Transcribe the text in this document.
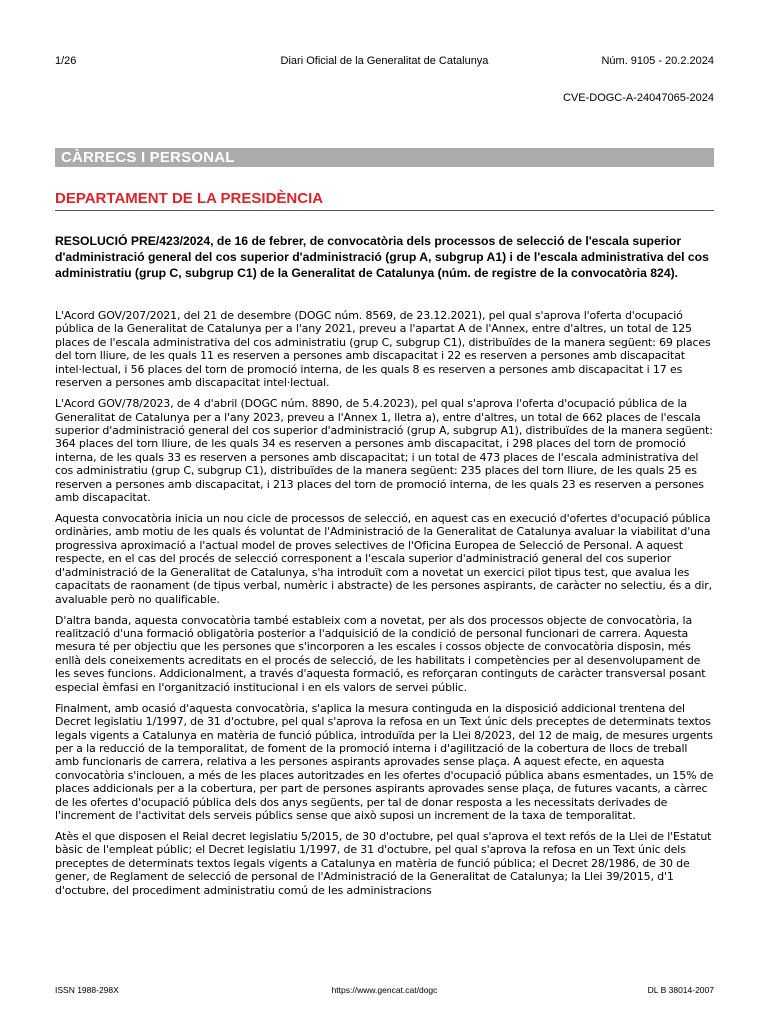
1/26	Diari Oficial de la Generalitat de Catalunya	Núm. 9105 - 20.2.2024
CVE-DOGC-A-24047065-2024
CÀRRECS I PERSONAL
DEPARTAMENT DE LA PRESIDÈNCIA

RESOLUCIÓ PRE/423/2024, de 16 de febrer, de convocatòria dels processos de selecció de l'escala superior d'administració general del cos superior d'administració (grup A, subgrup A1) i de l'escala administrativa del cos administratiu (grup C, subgrup C1) de la Generalitat de Catalunya (núm. de registre de la convocatòria 824).

L'Acord GOV/207/2021, del 21 de desembre (DOGC núm. 8569, de 23.12.2021), pel qual s'aprova l'oferta d'ocupació pública de la Generalitat de Catalunya per a l'any 2021, preveu a l'apartat A de l'Annex, entre d'altres, un total de 125 places de l'escala administrativa del cos administratiu (grup C, subgrup C1), distribuïdes de la manera següent: 69 places del torn lliure, de les quals 11 es reserven a persones amb discapacitat i 22 es reserven a persones amb discapacitat intel·lectual, i 56 places del torn de promoció interna, de les quals 8 es reserven a persones amb discapacitat i 17 es reserven a persones amb discapacitat intel·lectual.

L'Acord GOV/78/2023, de 4 d'abril (DOGC núm. 8890, de 5.4.2023), pel qual s'aprova l'oferta d'ocupació pública de la Generalitat de Catalunya per a l'any 2023, preveu a l'Annex 1, lletra a), entre d'altres, un total de 662 places de l'escala superior d'administració general del cos superior d'administració (grup A, subgrup A1), distribuïdes de la manera següent: 364 places del torn lliure, de les quals 34 es reserven a persones amb discapacitat, i 298 places del torn de promoció interna, de les quals 33 es reserven a persones amb discapacitat; i un total de 473 places de l'escala administrativa del cos administratiu (grup C, subgrup C1), distribuïdes de la manera següent: 235 places del torn lliure, de les quals 25 es reserven a persones amb discapacitat, i 213 places del torn de promoció interna, de les quals 23 es reserven a persones amb discapacitat.

Aquesta convocatòria inicia un nou cicle de processos de selecció, en aquest cas en execució d'ofertes d'ocupació pública ordinàries, amb motiu de les quals és voluntat de l'Administració de la Generalitat de Catalunya avaluar la viabilitat d'una progressiva aproximació a l'actual model de proves selectives de l'Oficina Europea de Selecció de Personal. A aquest respecte, en el cas del procés de selecció corresponent a l'escala superior d'administració general del cos superior d'administració de la Generalitat de Catalunya, s'ha introduït com a novetat un exercici pilot tipus test, que avalua les capacitats de raonament (de tipus verbal, numèric i abstracte) de les persones aspirants, de caràcter no selectiu, és a dir, avaluable però no qualificable.

D'altra banda, aquesta convocatòria també estableix com a novetat, per als dos processos objecte de convocatòria, la realització d'una formació obligatòria posterior a l'adquisició de la condició de personal funcionari de carrera. Aquesta mesura té per objectiu que les persones que s'incorporen a les escales i cossos objecte de convocatòria disposin, més enllà dels coneixements acreditats en el procés de selecció, de les habilitats i competències per al desenvolupament de les seves funcions. Addicionalment, a través d'aquesta formació, es reforçaran continguts de caràcter transversal posant especial èmfasi en l'organització institucional i en els valors de servei públic.

Finalment, amb ocasió d'aquesta convocatòria, s'aplica la mesura continguda en la disposició addicional trentena del Decret legislatiu 1/1997, de 31 d'octubre, pel qual s'aprova la refosa en un Text únic dels preceptes de determinats textos legals vigents a Catalunya en matèria de funció pública, introduïda per la Llei 8/2023, del 12 de maig, de mesures urgents per a la reducció de la temporalitat, de foment de la promoció interna i d'agilització de la cobertura de llocs de treball amb funcionaris de carrera, relativa a les persones aspirants aprovades sense plaça. A aquest efecte, en aquesta convocatòria s'inclouen, a més de les places autoritzades en les ofertes d'ocupació pública abans esmentades, un 15% de places addicionals per a la cobertura, per part de persones aspirants aprovades sense plaça, de futures vacants, a càrrec de les ofertes d'ocupació pública dels dos anys següents, per tal de donar resposta a les necessitats derivades de l'increment de l'activitat dels serveis públics sense que això suposi un increment de la taxa de temporalitat.

Atès el que disposen el Reial decret legislatiu 5/2015, de 30 d'octubre, pel qual s'aprova el text refós de la Llei de l'Estatut bàsic de l'empleat públic; el Decret legislatiu 1/1997, de 31 d'octubre, pel qual s'aprova la refosa en un Text únic dels preceptes de determinats textos legals vigents a Catalunya en matèria de funció pública; el Decret 28/1986, de 30 de gener, de Reglament de selecció de personal de l'Administració de la Generalitat de Catalunya; la Llei 39/2015, d'1 d'octubre, del procediment administratiu comú de les administracions

ISSN 1988-298X	https://www.gencat.cat/dogc	DL B 38014-2007
